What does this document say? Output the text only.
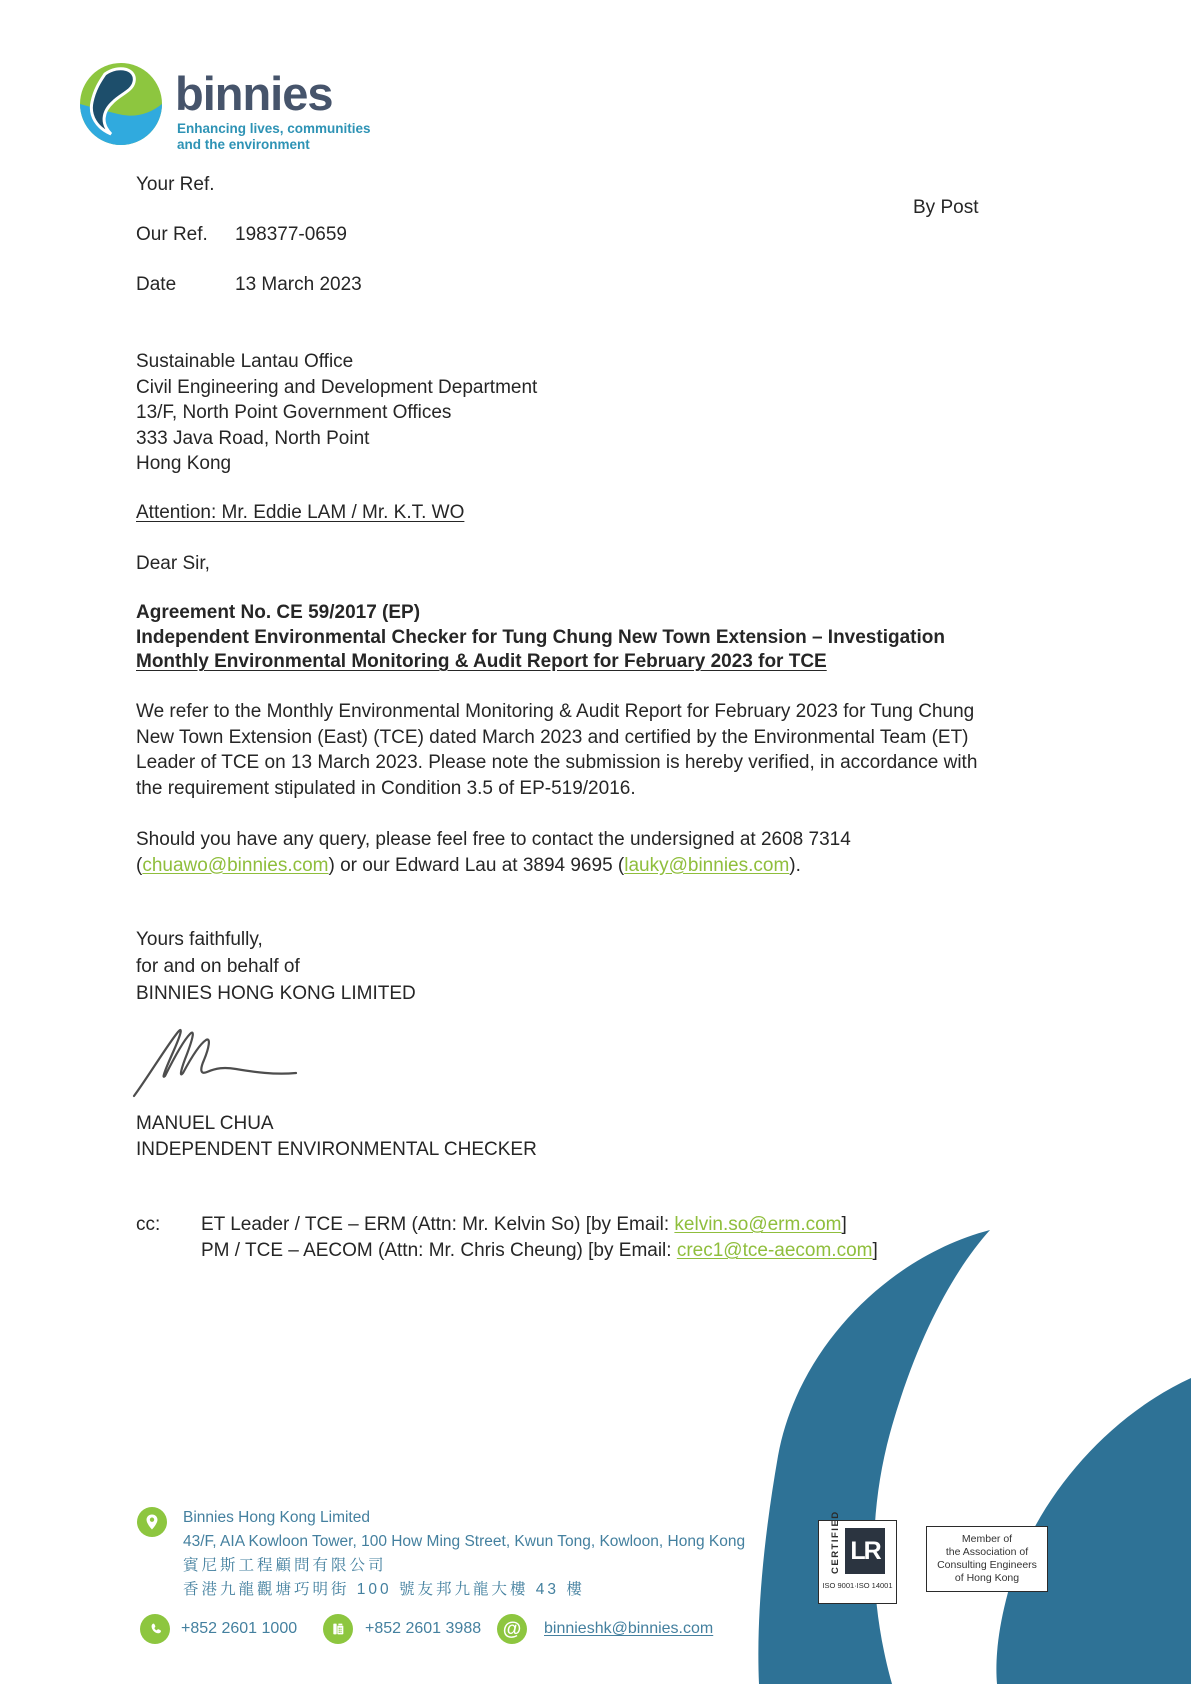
binnies
Enhancing lives, communities
and the environment
Your Ref.
By Post
Our Ref. 198377-0659
Date	13 March 2023
Sustainable Lantau Office
Civil Engineering and Development Department
13/F, North Point Government Offices
333 Java Road, North Point
Hong Kong
Attention: Mr. Eddie LAM / Mr. K.T. WO
Dear Sir,
Agreement No. CE 59/2017 (EP)
Independent Environmental Checker for Tung Chung New Town Extension – Investigation
Monthly Environmental Monitoring & Audit Report for February 2023 for TCE
We refer to the Monthly Environmental Monitoring & Audit Report for February 2023 for Tung Chung
New Town Extension (East) (TCE) dated March 2023 and certified by the Environmental Team (ET)
Leader of TCE on 13 March 2023. Please note the submission is hereby verified, in accordance with
the requirement stipulated in Condition 3.5 of EP-519/2016.
Should you have any query, please feel free to contact the undersigned at 2608 7314
(chuawo@binnies.com) or our Edward Lau at 3894 9695 (lauky@binnies.com).
Yours faithfully,
for and on behalf of
BINNIES HONG KONG LIMITED
MANUEL CHUA
INDEPENDENT ENVIRONMENTAL CHECKER
cc: ET Leader / TCE – ERM (Attn: Mr. Kelvin So) [by Email: kelvin.so@erm.com]
PM / TCE – AECOM (Attn: Mr. Chris Cheung) [by Email: crec1@tce-aecom.com]
Binnies Hong Kong Limited
43/F, AIA Kowloon Tower, 100 How Ming Street, Kwun Tong, Kowloon, Hong Kong
賓尼斯工程顧問有限公司
香港九龍觀塘巧明街 100 號友邦九龍大樓 43 樓
+852 2601 1000	+852 2601 3988 @ binnieshk@binnies.com
CERTIFIED LR
ISO 9001·ISO 14001
Member of
the Association of
Consulting Engineers
of Hong Kong
